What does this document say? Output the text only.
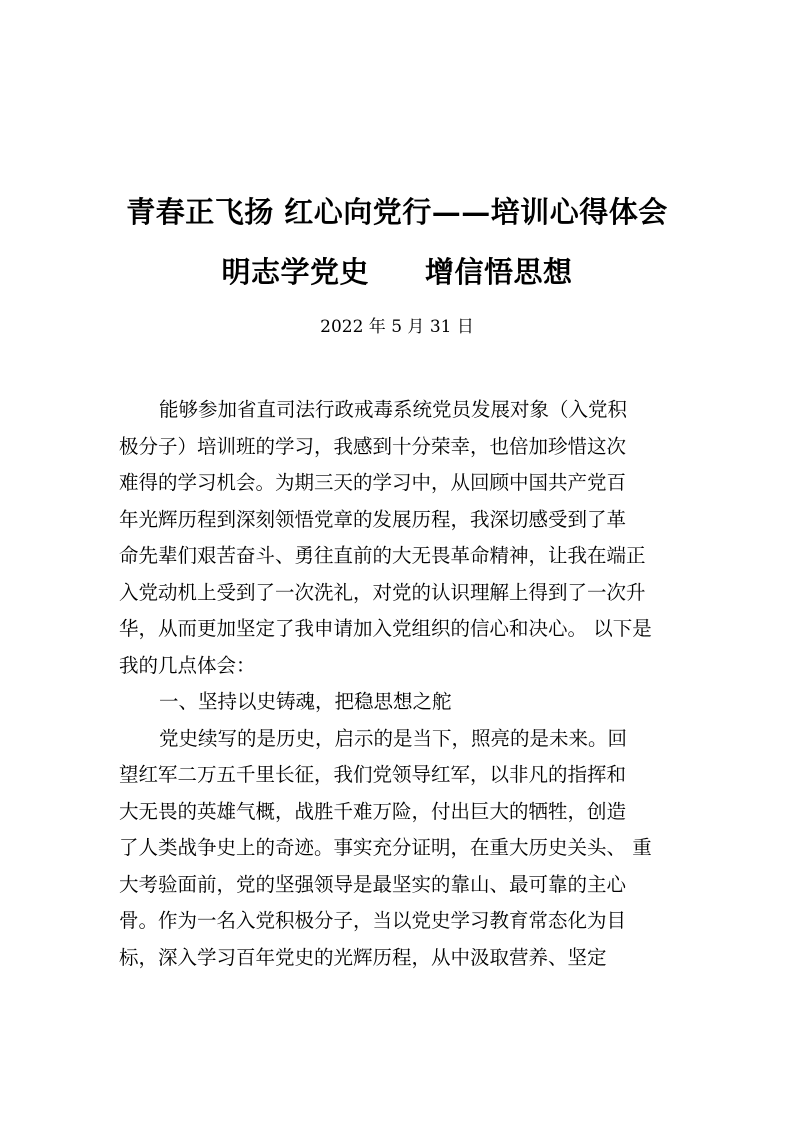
青春正飞扬 红心向党行——培训心得体会
明志学党史 增信悟思想
2022 年 5 月 31 日
能够参加省直司法行政戒毒系统党员发展对象（入党积
极分子）培训班的学习，我感到十分荣幸，也倍加珍惜这次
难得的学习机会。为期三天的学习中，从回顾中国共产党百
年光辉历程到深刻领悟党章的发展历程，我深切感受到了革
命先辈们艰苦奋斗、勇往直前的大无畏革命精神，让我在端正
入党动机上受到了一次洗礼，对党的认识理解上得到了一次升
华，从而更加坚定了我申请加入党组织的信心和决心。 以下是
我的几点体会：
一、坚持以史铸魂，把稳思想之舵
党史续写的是历史，启示的是当下，照亮的是未来。回
望红军二万五千里长征，我们党领导红军，以非凡的指挥和
大无畏的英雄气概，战胜千难万险，付出巨大的牺牲，创造
了人类战争史上的奇迹。事实充分证明，在重大历史关头、 重
大考验面前，党的坚强领导是最坚实的靠山、最可靠的主心
骨。作为一名入党积极分子，当以党史学习教育常态化为目
标，深入学习百年党史的光辉历程，从中汲取营养、坚定
